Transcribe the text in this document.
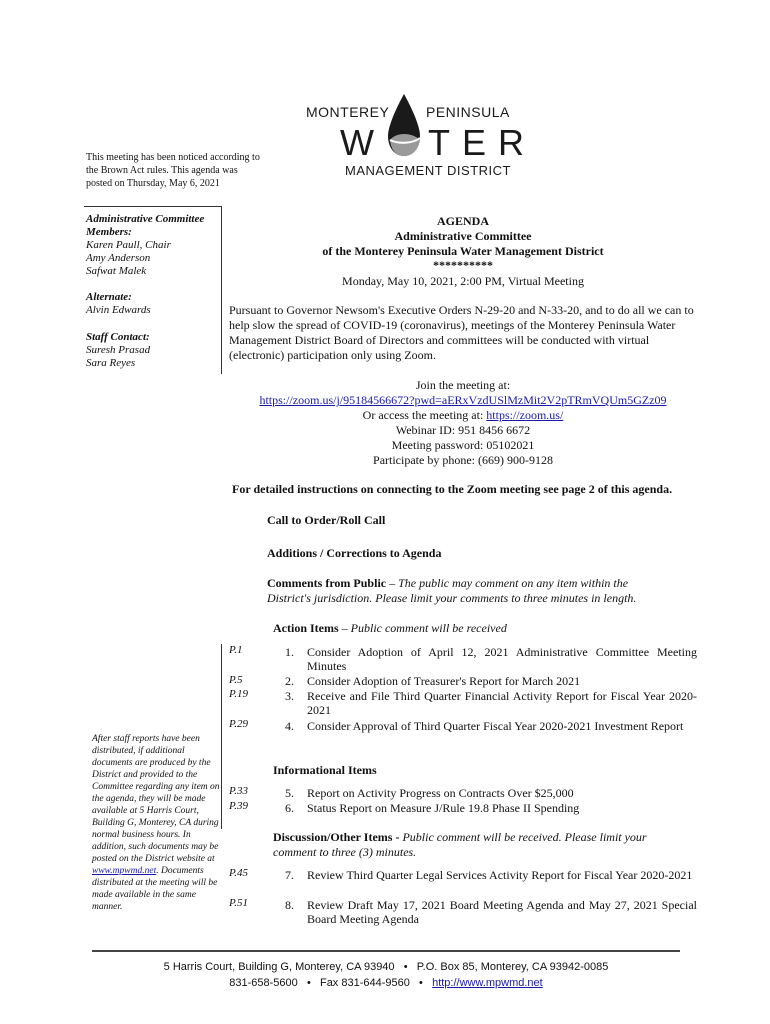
MONTEREY	PENINSULA
W TER
MANAGEMENT DISTRICT
This meeting has been noticed according to the Brown Act rules. This agenda was posted on Thursday, May 6, 2021
Administrative Committee Members:
Karen Paull, Chair
Amy Anderson
Safwat Malek
Alternate:
Alvin Edwards
Staff Contact:
Suresh Prasad
Sara Reyes
After staff reports have been distributed, if additional documents are produced by the District and provided to the Committee regarding any item on the agenda, they will be made available at 5 Harris Court, Building G, Monterey, CA during normal business hours. In addition, such documents may be posted on the District website at www.mpwmd.net. Documents distributed at the meeting will be made available in the same manner.
AGENDA
Administrative Committee
of the Monterey Peninsula Water Management District
**********
Monday, May 10, 2021, 2:00 PM, Virtual Meeting
Pursuant to Governor Newsom's Executive Orders N-29-20 and N-33-20, and to do all we can to help slow the spread of COVID-19 (coronavirus), meetings of the Monterey Peninsula Water Management District Board of Directors and committees will be conducted with virtual (electronic) participation only using Zoom.
Join the meeting at:
https://zoom.us/j/95184566672?pwd=aERxVzdUSlMzMit2V2pTRmVQUm5GZz09
Or access the meeting at: https://zoom.us/
Webinar ID: 951 8456 6672
Meeting password: 05102021
Participate by phone: (669) 900-9128
For detailed instructions on connecting to the Zoom meeting see page 2 of this agenda.
Call to Order/Roll Call
Additions / Corrections to Agenda
Comments from Public – The public may comment on any item within the District's jurisdiction. Please limit your comments to three minutes in length.
Action Items – Public comment will be received
P.1	1. Consider Adoption of April 12, 2021 Administrative Committee Meeting Minutes
P.5	2. Consider Adoption of Treasurer's Report for March 2021
P.19	3. Receive and File Third Quarter Financial Activity Report for Fiscal Year 2020-2021
P.29	4. Consider Approval of Third Quarter Fiscal Year 2020-2021 Investment Report
Informational Items
P.33	5. Report on Activity Progress on Contracts Over $25,000
P.39	6. Status Report on Measure J/Rule 19.8 Phase II Spending
Discussion/Other Items - Public comment will be received. Please limit your comment to three (3) minutes.
P.45	7. Review Third Quarter Legal Services Activity Report for Fiscal Year 2020-2021
P.51	8. Review Draft May 17, 2021 Board Meeting Agenda and May 27, 2021 Special Board Meeting Agenda
5 Harris Court, Building G, Monterey, CA 93940 • P.O. Box 85, Monterey, CA 93942-0085
831-658-5600 • Fax 831-644-9560 • http://www.mpwmd.net
